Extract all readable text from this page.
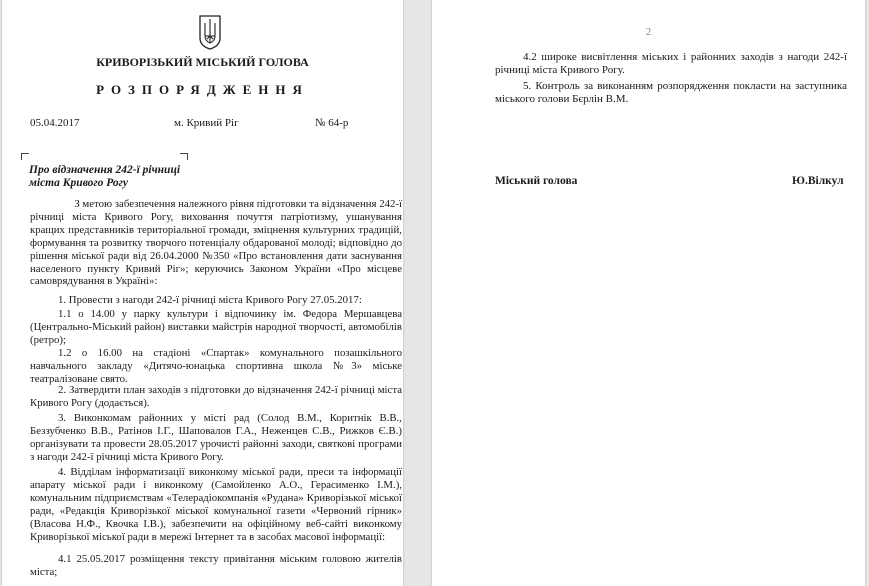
КРИВОРІЗЬКИЙ МІСЬКИЙ ГОЛОВА
РОЗПОРЯДЖЕННЯ
05.04.2017	м. Кривий Ріг	№ 64-р
Про відзначення 242-ї річниці міста Кривого Рогу

З метою забезпечення належного рівня підготовки та відзначення 242-ї

річниці міста Кривого Рогу, виховання почуття патріотизму, ушанування кращих представників територіальної громади, зміцнення культурних традицій, формування та розвитку творчого потенціалу обдарованої молоді; відповідно до рішення міської ради від 26.04.2000 №350 «Про встановлення дати заснування населеного пункту Кривий Ріг»; керуючись Законом України «Про місцеве самоврядування в Україні»:

1. Провести з нагоди 242-ї річниці міста Кривого Рогу 27.05.2017:

1.1 о 14.00 у парку культури і відпочинку ім. Федора Мершавцева (Центрально-Міський район) виставки майстрів народної творчості, автомобілів (ретро);

1.2 о 16.00 на стадіоні «Спартак» комунального позашкільного навчального закладу «Дитячо-юнацька спортивна школа №3» міське театралізоване свято.

2. Затвердити план заходів з підготовки до відзначення 242-ї річниці міста Кривого Рогу (додається).

3. Виконкомам районних у місті рад (Солод В.М., Коритнік В.В., Беззубченко В.В., Ратінов І.Г., Шаповалов Г.А., Неженцев С.В., Рижков Є.В.) організувати та провести 28.05.2017 урочисті районні заходи, святкові програми з нагоди 242-ї річниці міста Кривого Рогу.

4. Відділам інформатизації виконкому міської ради, преси та інформації апарату міської ради і виконкому (Самойленко А.О., Герасименко І.М.), комунальним підприємствам «Телерадіокомпанія «Рудана» Криворізької міської ради, «Редакція Криворізької міської комунальної газети «Червоний гірник» (Власова Н.Ф., Квочка І.В.), забезпечити на офіційному веб-сайті виконкому Криворізької міської ради в мережі Інтернет та в засобах масової інформації:

4.1 25.05.2017 розміщення тексту привітання міським головою жителів міста;

2

4.2 широке висвітлення міських і районних заходів з нагоди 242-ї річниці міста Кривого Рогу.

5. Контроль за виконанням розпорядження покласти на заступника міського голови Бєрлін В.М.

Міський голова	Ю.Вілкул
